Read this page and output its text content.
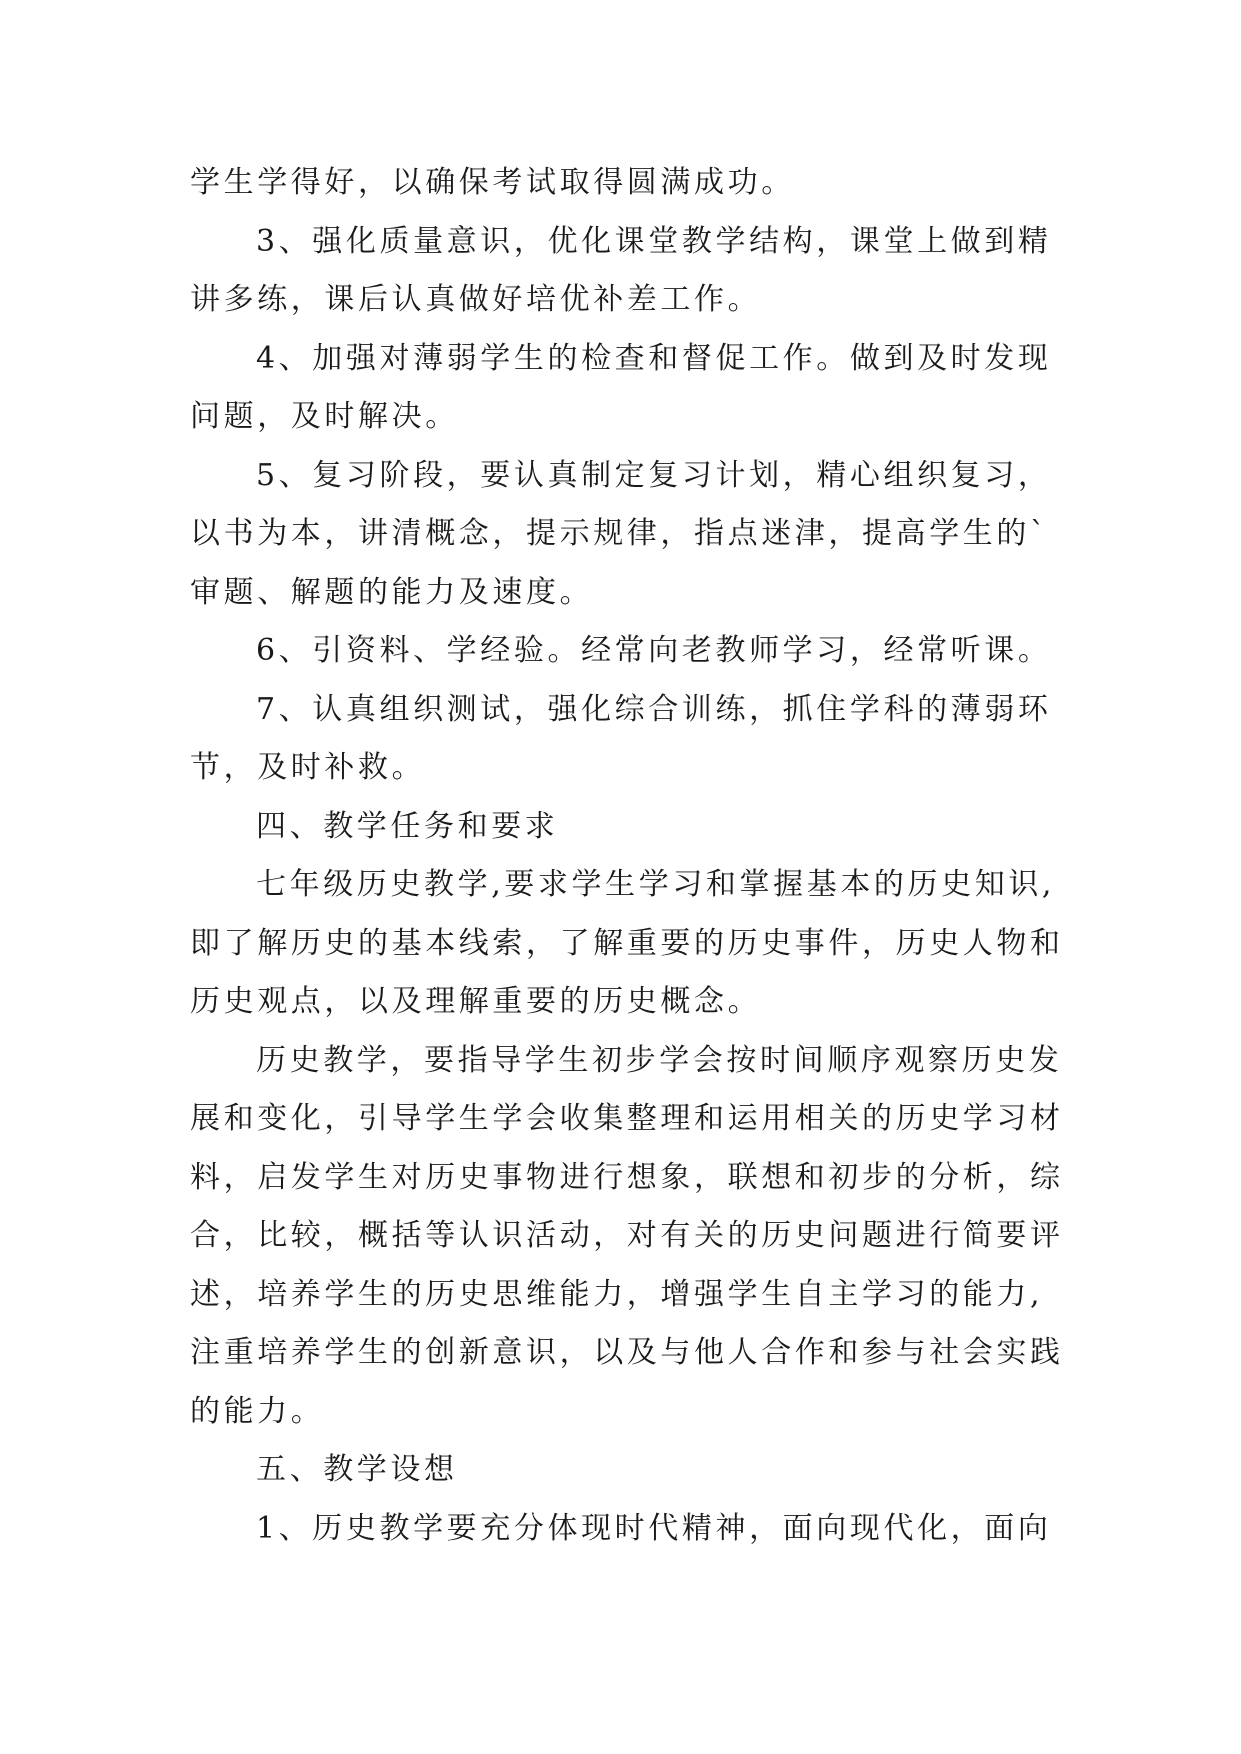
学生学得好，以确保考试取得圆满成功。

3、强化质量意识，优化课堂教学结构，课堂上做到精
讲多练，课后认真做好培优补差工作。

4、加强对薄弱学生的检查和督促工作。做到及时发现
问题，及时解决。

5、复习阶段，要认真制定复习计划，精心组织复习，
以书为本，讲清概念，提示规律，指点迷津，提高学生的`
审题、解题的能力及速度。

6、引资料、学经验。经常向老教师学习，经常听课。

7、认真组织测试，强化综合训练，抓住学科的薄弱环
节，及时补救。

四、教学任务和要求

七年级历史教学,要求学生学习和掌握基本的历史知识,
即了解历史的基本线索，了解重要的历史事件，历史人物和
历史观点，以及理解重要的历史概念。

历史教学，要指导学生初步学会按时间顺序观察历史发
展和变化，引导学生学会收集整理和运用相关的历史学习材
料，启发学生对历史事物进行想象，联想和初步的分析，综
合，比较，概括等认识活动，对有关的历史问题进行简要评
述，培养学生的历史思维能力，增强学生自主学习的能力,
注重培养学生的创新意识，以及与他人合作和参与社会实践
的能力。

五、教学设想

1、历史教学要充分体现时代精神，面向现代化，面向
